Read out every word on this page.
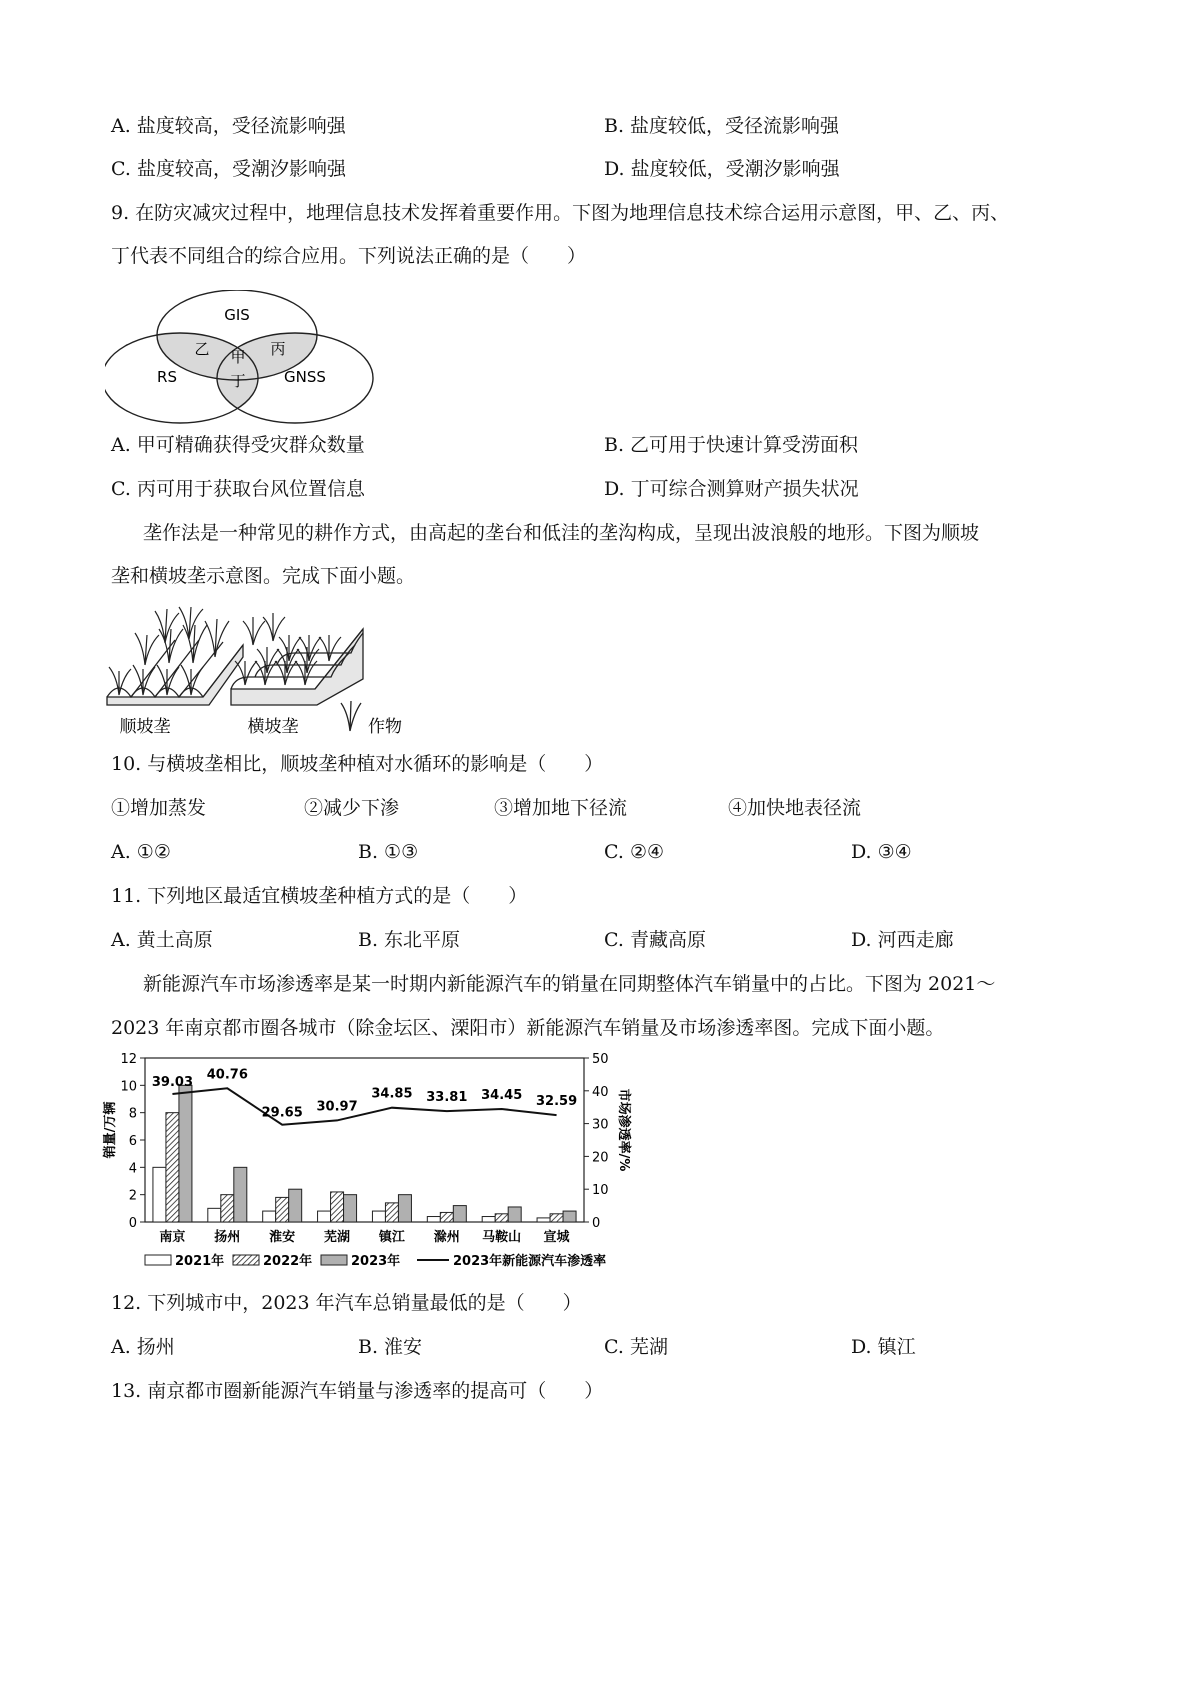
A. 盐度较高，受径流影响强	B. 盐度较低，受径流影响强
C. 盐度较高，受潮汐影响强	D. 盐度较低，受潮汐影响强
9. 在防灾减灾过程中，地理信息技术发挥着重要作用。下图为地理信息技术综合运用示意图，甲、乙、丙、
丁代表不同组合的综合应用。下列说法正确的是（　　）
GIS
RS	GNSS
甲
乙	丙
丁
A. 甲可精确获得受灾群众数量	B. 乙可用于快速计算受涝面积
C. 丙可用于获取台风位置信息	D. 丁可综合测算财产损失状况
垄作法是一种常见的耕作方式，由高起的垄台和低洼的垄沟构成，呈现出波浪般的地形。下图为顺坡
垄和横坡垄示意图。完成下面小题。
顺坡垄	横坡垄	作物
10. 与横坡垄相比，顺坡垄种植对水循环的影响是（　　）
①增加蒸发	②减少下渗	③增加地下径流	④加快地表径流
A. ①②	B. ①③	C. ②④	D. ③④
11. 下列地区最适宜横坡垄种植方式的是（　　）
A. 黄土高原	B. 东北平原	C. 青藏高原	D. 河西走廊
新能源汽车市场渗透率是某一时期内新能源汽车的销量在同期整体汽车销量中的占比。下图为 2021～
2023 年南京都市圈各城市（除金坛区、溧阳市）新能源汽车销量及市场渗透率图。完成下面小题。
0
2
4
6
8
10
12
0
10
20
30
40
50
南京 扬州 淮安 芜湖 镇江 滁州 马鞍山 宣城
39.03
40.76
29.65 30.97
34.85 33.81 34.45 32.59
销量/万辆	市场渗透率/%
2021年	2022年	2023年	2023年新能源汽车渗透率
12. 下列城市中，2023 年汽车总销量最低的是（　　）
A. 扬州	B. 淮安	C. 芜湖	D. 镇江
13. 南京都市圈新能源汽车销量与渗透率的提高可（　　）
